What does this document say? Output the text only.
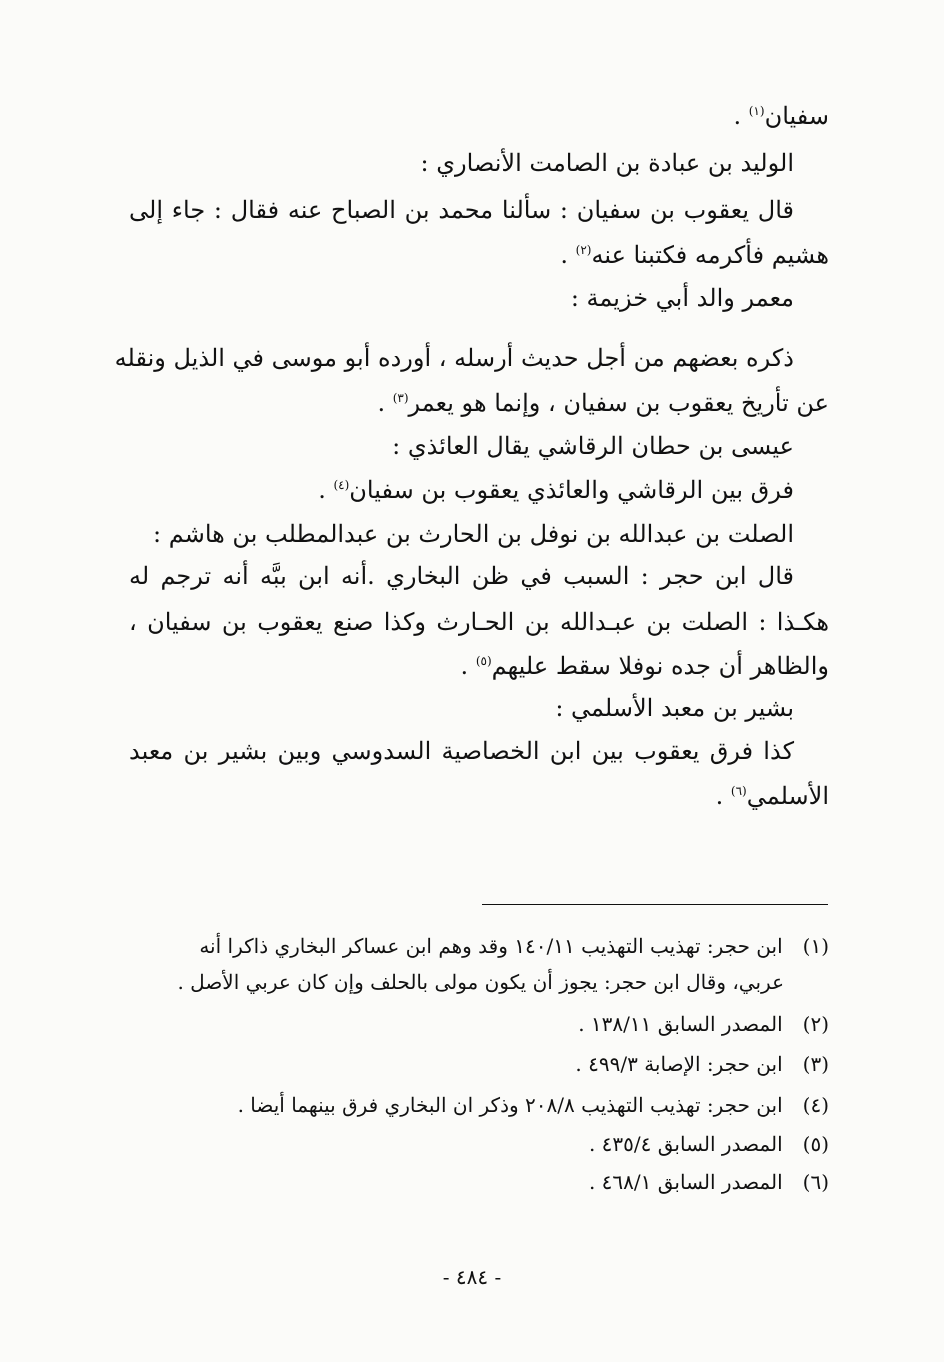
سفيان$^{(١)}$ .
الوليد بن عبادة بن الصامت الأنصاري :
قال يعقوب بن سفيان : سألنا محمد بن الصباح عنه فقال : جاء إلى
هشيم فأكرمه فكتبنا عنه$^{(٢)}$ .
معمر والد أبي خزيمة :
ذكره بعضهم من أجل حديث أرسله ، أورده أبو موسى في الذيل ونقله
عن تأريخ يعقوب بن سفيان ، وإنما هو يعمر$^{(٣)}$ .
عيسى بن حطان الرقاشي يقال العائذي :
فرق بين الرقاشي والعائذي يعقوب بن سفيان$^{(٤)}$ .
الصلت بن عبدالله بن نوفل بن الحارث بن عبدالمطلب بن هاشم :
قال ابن حجر : السبب في ظن البخاري .أنه ابن ببَّه أنه ترجم له
هكـذا : الصلت بن عبـدالله بن الحـارث وكذا صنع يعقوب بن سفيان ،
والظاهر أن جده نوفلا سقط عليهم$^{(٥)}$ .
بشير بن معبد الأسلمي :
كذا فرق يعقوب بين ابن الخصاصية السدوسي وبين بشير بن معبد
الأسلمي$^{(٦)}$ .
(١) ابن حجر: تهذيب التهذيب ١٤٠/١١ وقد وهم ابن عساكر البخاري ذاكرا أنه
عربي، وقال ابن حجر: يجوز أن يكون مولى بالحلف وإن كان عربي الأصل .
(٢) المصدر السابق ١٣٨/١١ .
(٣) ابن حجر: الإصابة ٤٩٩/٣ .
(٤) ابن حجر: تهذيب التهذيب ٢٠٨/٨ وذكر ان البخاري فرق بينهما أيضا .
(٥) المصدر السابق ٤٣٥/٤ .
(٦) المصدر السابق ٤٦٨/١ .
- ٤٨٤ -
